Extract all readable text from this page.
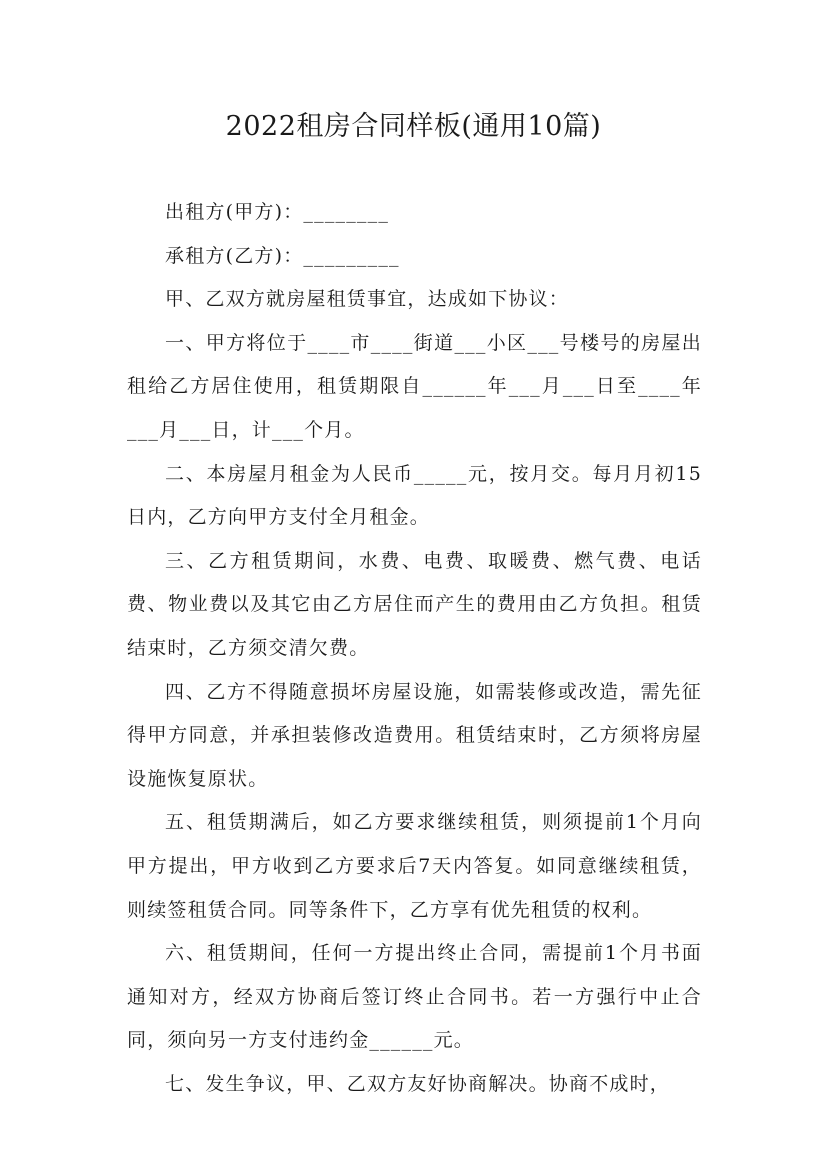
2022租房合同样板(通用10篇)

出租方(甲方)：________

承租方(乙方)：_________

甲、乙双方就房屋租赁事宜，达成如下协议：

一、甲方将位于____市____街道___小区___号楼号的房屋出租给乙方居住使用，租赁期限自______年___月___日至____年___月___日，计___个月。

二、本房屋月租金为人民币_____元，按月交。每月月初15日内，乙方向甲方支付全月租金。

三、乙方租赁期间，水费、电费、取暖费、燃气费、电话费、物业费以及其它由乙方居住而产生的费用由乙方负担。租赁结束时，乙方须交清欠费。

四、乙方不得随意损坏房屋设施，如需装修或改造，需先征得甲方同意，并承担装修改造费用。租赁结束时，乙方须将房屋设施恢复原状。

五、租赁期满后，如乙方要求继续租赁，则须提前1个月向甲方提出，甲方收到乙方要求后7天内答复。如同意继续租赁，则续签租赁合同。同等条件下，乙方享有优先租赁的权利。

六、租赁期间，任何一方提出终止合同，需提前1个月书面通知对方，经双方协商后签订终止合同书。若一方强行中止合同，须向另一方支付违约金______元。

七、发生争议，甲、乙双方友好协商解决。协商不成时，
